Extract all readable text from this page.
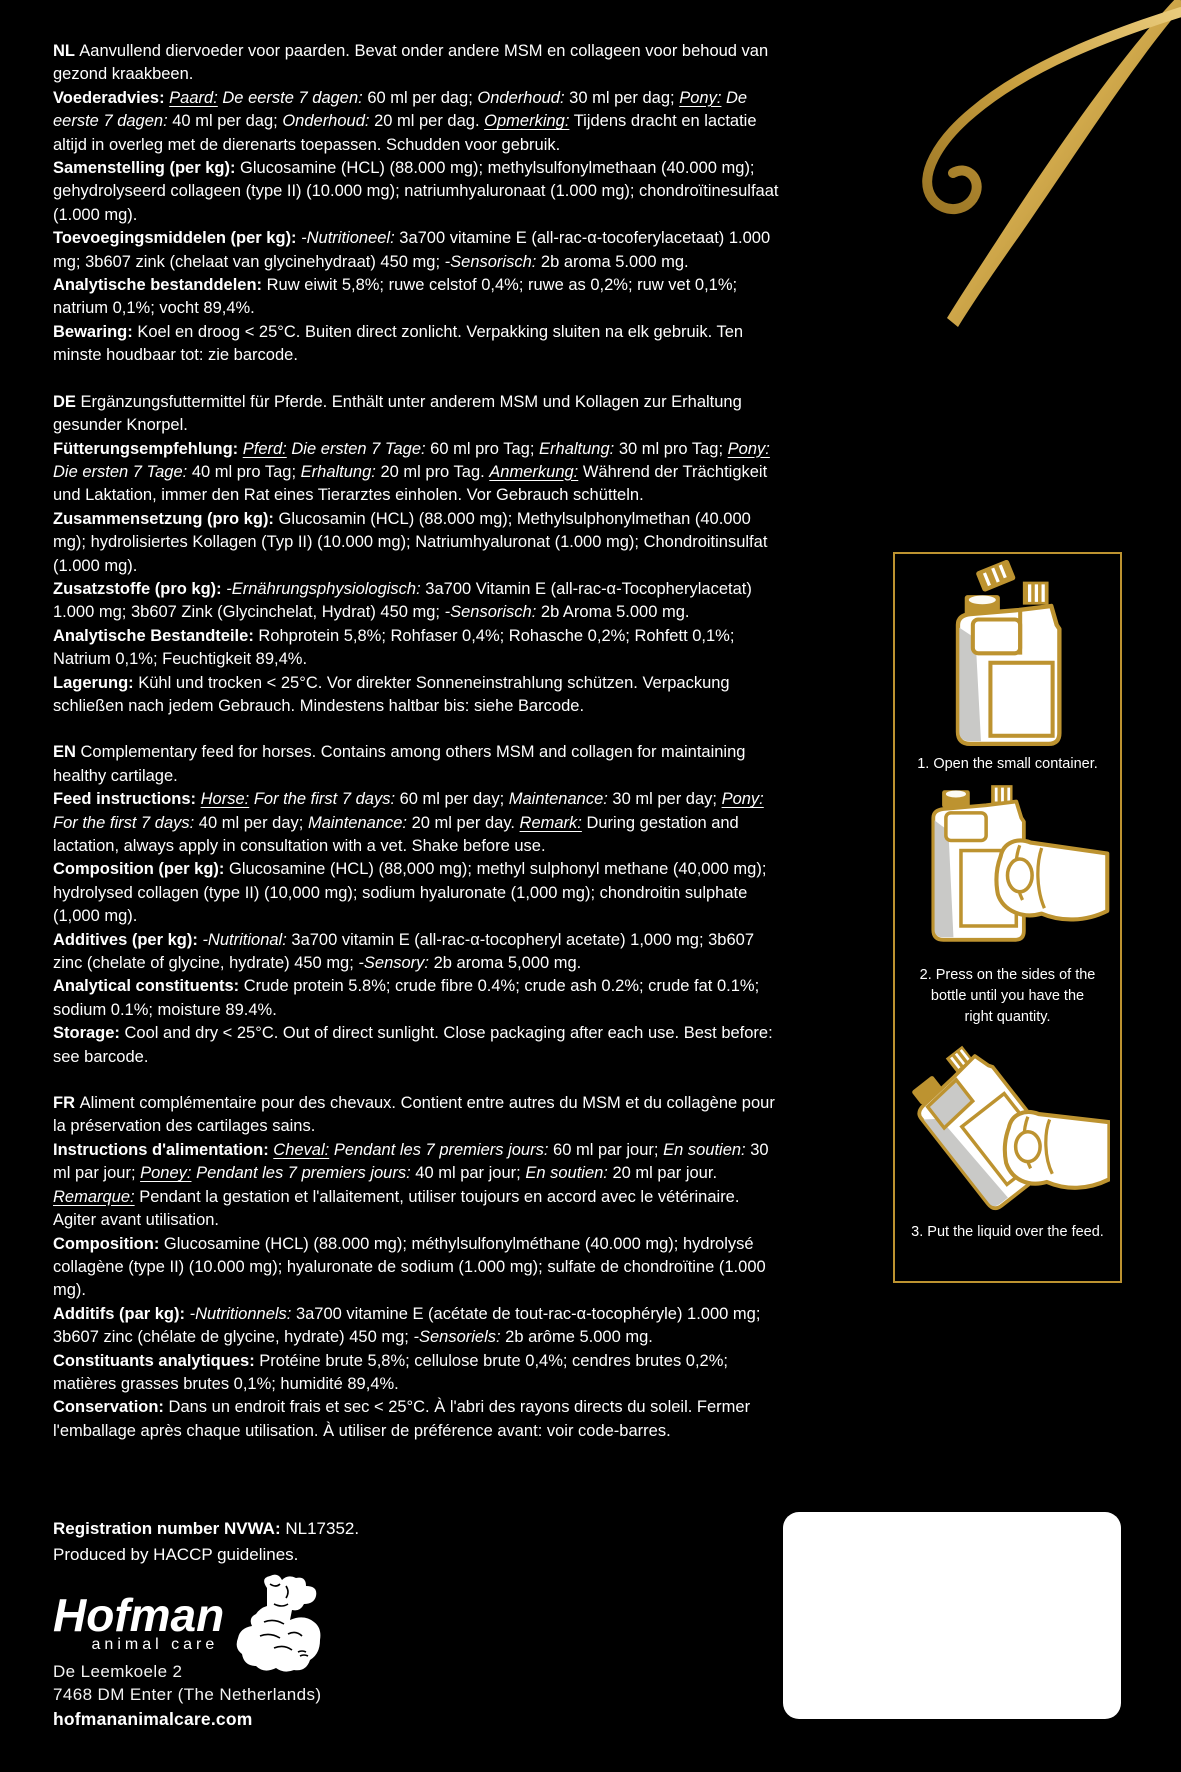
NL Aanvullend diervoeder voor paarden. Bevat onder andere MSM en collageen voor behoud van gezond kraakbeen.

Voederadvies: Paard: De eerste 7 dagen: 60 ml per dag; Onderhoud: 30 ml per dag; Pony: De eerste 7 dagen: 40 ml per dag; Onderhoud: 20 ml per dag. Opmerking: Tijdens dracht en lactatie altijd in overleg met de dierenarts toepassen. Schudden voor gebruik.

Samenstelling (per kg): Glucosamine (HCL) (88.000 mg); methylsulfonylmethaan (40.000 mg); gehydrolyseerd collageen (type II) (10.000 mg); natriumhyaluronaat (1.000 mg); chondroïtinesulfaat (1.000 mg).

Toevoegingsmiddelen (per kg): -Nutritioneel: 3a700 vitamine E (all-rac-α-tocoferylacetaat) 1.000 mg; 3b607 zink (chelaat van glycinehydraat) 450 mg; -Sensorisch: 2b aroma 5.000 mg.

Analytische bestanddelen: Ruw eiwit 5,8%; ruwe celstof 0,4%; ruwe as 0,2%; ruw vet 0,1%; natrium 0,1%; vocht 89,4%.

Bewaring: Koel en droog < 25°C. Buiten direct zonlicht. Verpakking sluiten na elk gebruik. Ten minste houdbaar tot: zie barcode.

DE Ergänzungsfuttermittel für Pferde. Enthält unter anderem MSM und Kollagen zur Erhaltung gesunder Knorpel.

Fütterungsempfehlung: Pferd: Die ersten 7 Tage: 60 ml pro Tag; Erhaltung: 30 ml pro Tag; Pony: Die ersten 7 Tage: 40 ml pro Tag; Erhaltung: 20 ml pro Tag. Anmerkung: Während der Trächtigkeit und Laktation, immer den Rat eines Tierarztes einholen. Vor Gebrauch schütteln.

Zusammensetzung (pro kg): Glucosamin (HCL) (88.000 mg); Methylsulphonylmethan (40.000 mg); hydrolisiertes Kollagen (Typ II) (10.000 mg); Natriumhyaluronat (1.000 mg); Chondroitinsulfat (1.000 mg).

Zusatzstoffe (pro kg): -Ernährungsphysiologisch: 3a700 Vitamin E (all-rac-α-Tocopherylacetat) 1.000 mg; 3b607 Zink (Glycinchelat, Hydrat) 450 mg; -Sensorisch: 2b Aroma 5.000 mg.

Analytische Bestandteile: Rohprotein 5,8%; Rohfaser 0,4%; Rohasche 0,2%; Rohfett 0,1%; Natrium 0,1%; Feuchtigkeit 89,4%.

Lagerung: Kühl und trocken < 25°C. Vor direkter Sonneneinstrahlung schützen. Verpackung schließen nach jedem Gebrauch. Mindestens haltbar bis: siehe Barcode.

EN Complementary feed for horses. Contains among others MSM and collagen for maintaining healthy cartilage.

Feed instructions: Horse: For the first 7 days: 60 ml per day; Maintenance: 30 ml per day; Pony: For the first 7 days: 40 ml per day; Maintenance: 20 ml per day. Remark: During gestation and lactation, always apply in consultation with a vet. Shake before use.

Composition (per kg): Glucosamine (HCL) (88,000 mg); methyl sulphonyl methane (40,000 mg); hydrolysed collagen (type II) (10,000 mg); sodium hyaluronate (1,000 mg); chondroitin sulphate (1,000 mg).

Additives (per kg): -Nutritional: 3a700 vitamin E (all-rac-α-tocopheryl acetate) 1,000 mg; 3b607 zinc (chelate of glycine, hydrate) 450 mg; -Sensory: 2b aroma 5,000 mg.

Analytical constituents: Crude protein 5.8%; crude fibre 0.4%; crude ash 0.2%; crude fat 0.1%; sodium 0.1%; moisture 89.4%.

Storage: Cool and dry < 25°C. Out of direct sunlight. Close packaging after each use. Best before: see barcode.

FR Aliment complémentaire pour des chevaux. Contient entre autres du MSM et du collagène pour la préservation des cartilages sains.

Instructions d'alimentation: Cheval: Pendant les 7 premiers jours: 60 ml par jour; En soutien: 30 ml par jour; Poney: Pendant les 7 premiers jours: 40 ml par jour; En soutien: 20 ml par jour. Remarque: Pendant la gestation et l'allaitement, utiliser toujours en accord avec le vétérinaire. Agiter avant utilisation.

Composition: Glucosamine (HCL) (88.000 mg); méthylsulfonylméthane (40.000 mg); hydrolysé collagène (type II) (10.000 mg); hyaluronate de sodium (1.000 mg); sulfate de chondroïtine (1.000 mg).

Additifs (par kg): -Nutritionnels: 3a700 vitamine E (acétate de tout-rac-α-tocophéryle) 1.000 mg; 3b607 zinc (chélate de glycine, hydrate) 450 mg; -Sensoriels: 2b arôme 5.000 mg.

Constituants analytiques: Protéine brute 5,8%; cellulose brute 0,4%; cendres brutes 0,2%; matières grasses brutes 0,1%; humidité 89,4%.

Conservation: Dans un endroit frais et sec < 25°C. À l'abri des rayons directs du soleil. Fermer l'emballage après chaque utilisation. À utiliser de préférence avant: voir code-barres.

1. Open the small container.
2. Press on the sides of the bottle until you have the right quantity.
3. Put the liquid over the feed.
Registration number NVWA: NL17352.
Produced by HACCP guidelines.
Hofman
animal care
De Leemkoele 2
7468 DM Enter (The Netherlands)
hofmananimalcare.com
